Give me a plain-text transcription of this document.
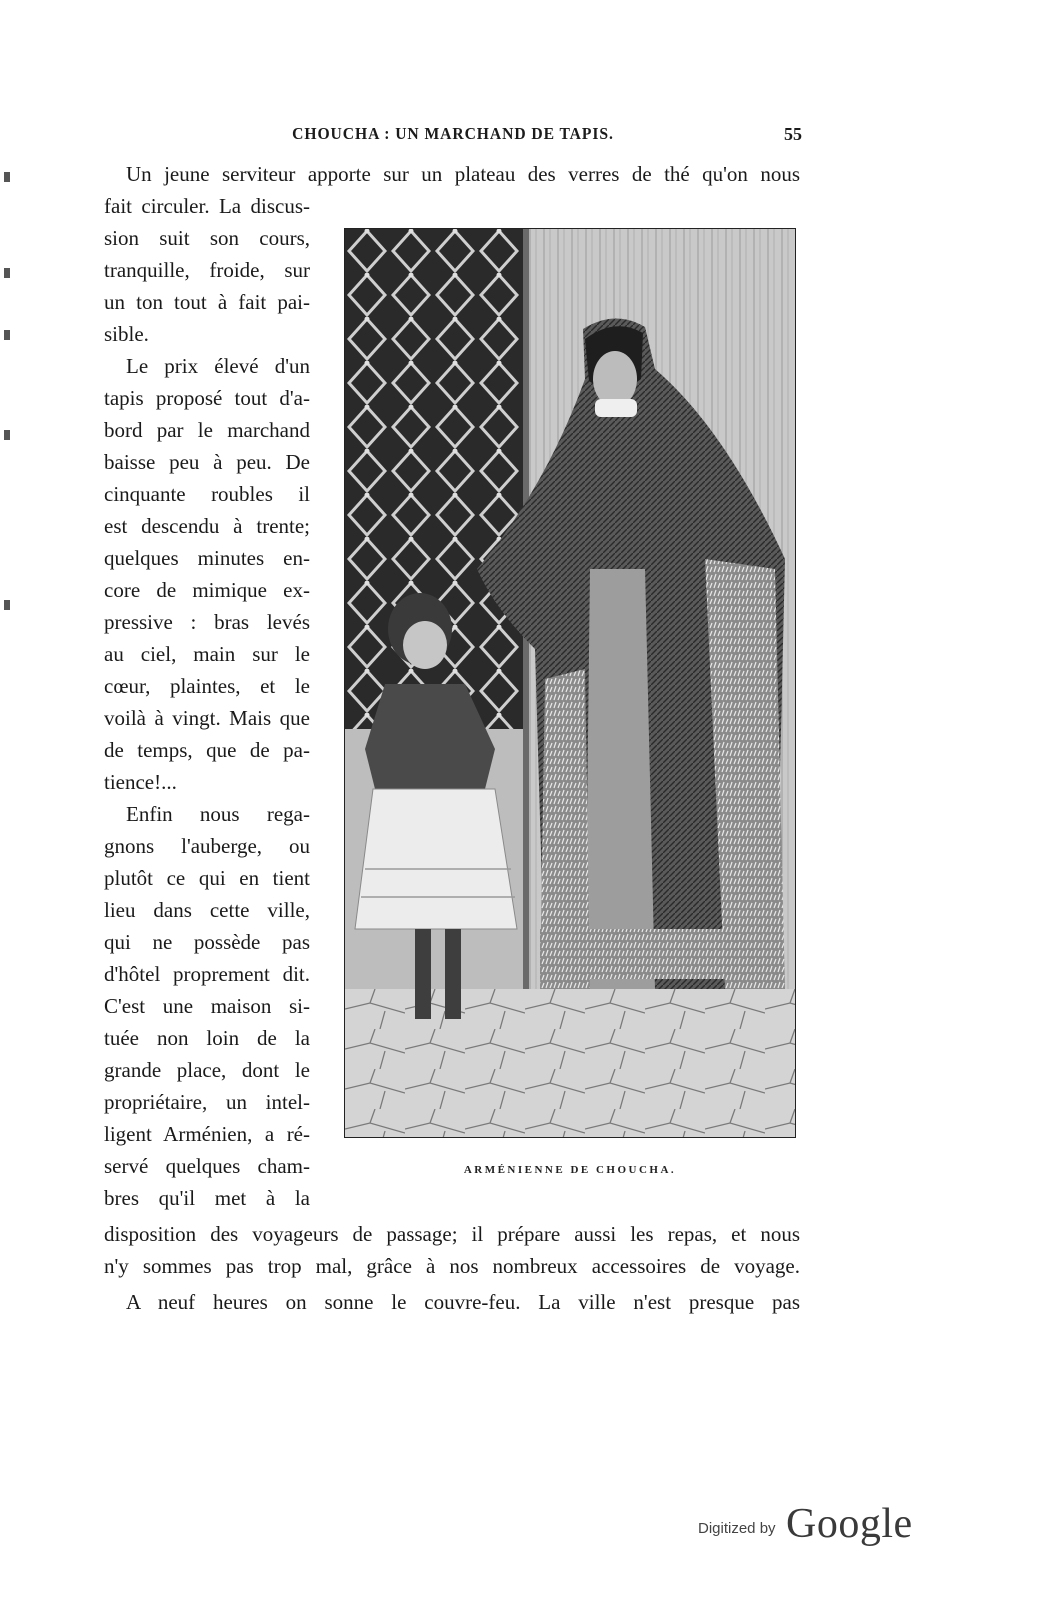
CHOUCHA : UN MARCHAND DE TAPIS.	55
Un jeune serviteur apporte sur un plateau des verres de thé qu'on nous
fait circuler. La discus-
sion suit son cours,
tranquille, froide, sur
un ton tout à fait pai-
sible.
Le prix élevé d'un
tapis proposé tout d'a-
bord par le marchand
baisse peu à peu. De
cinquante roubles il
est descendu à trente;
quelques minutes en-
core de mimique ex-
pressive : bras levés
au ciel, main sur le
cœur, plaintes, et le
voilà à vingt. Mais que
de temps, que de pa-
tience!...
Enfin nous rega-
gnons l'auberge, ou
plutôt ce qui en tient
lieu dans cette ville,
qui ne possède pas
d'hôtel proprement dit.
C'est une maison si-
tuée non loin de la
grande place, dont le
propriétaire, un intel-
ligent Arménien, a ré-
servé quelques cham-
bres qu'il met à la
disposition des voyageurs de passage; il prépare aussi les repas, et nous
n'y sommes pas trop mal, grâce à nos nombreux accessoires de voyage.
A neuf heures on sonne le couvre-feu. La ville n'est presque pas
ARMÉNIENNE DE CHOUCHA.
Digitized by Google
